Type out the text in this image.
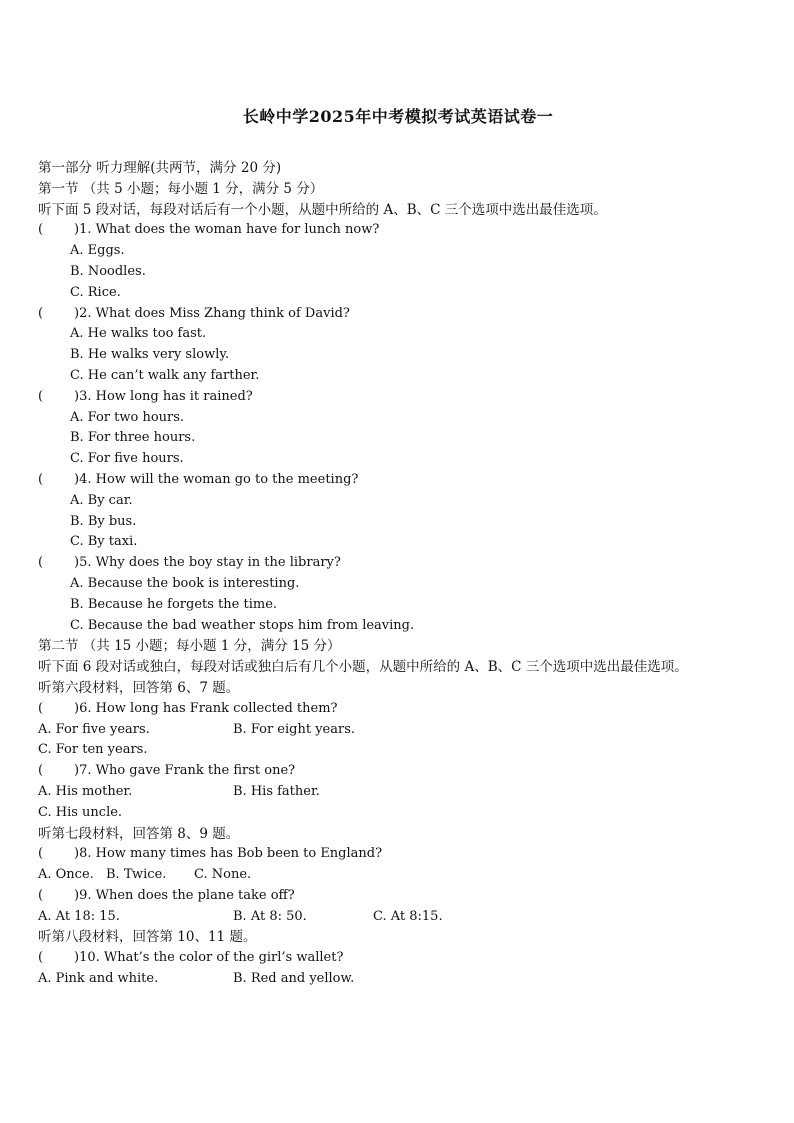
长岭中学2025年中考模拟考试英语试卷一
第一部分 听力理解(共两节，满分 20 分)
第一节 （共 5 小题；每小题 1 分，满分 5 分）
听下面 5 段对话，每段对话后有一个小题，从题中所给的 A、B、C 三个选项中选出最佳选项。
( )1. What does the woman have for lunch now?
A. Eggs.
B. Noodles.
C. Rice.
( )2. What does Miss Zhang think of David?
A. He walks too fast.
B. He walks very slowly.
C. He can’t walk any farther.
( )3. How long has it rained?
A. For two hours.
B. For three hours.
C. For five hours.
( )4. How will the woman go to the meeting?
A. By car.
B. By bus.
C. By taxi.
( )5. Why does the boy stay in the library?
A. Because the book is interesting.
B. Because he forgets the time.
C. Because the bad weather stops him from leaving.
第二节 （共 15 小题；每小题 1 分，满分 15 分）
听下面 6 段对话或独白，每段对话或独白后有几个小题，从题中所给的 A、B、C 三个选项中选出最佳选项。
听第六段材料，回答第 6、7 题。
( )6. How long has Frank collected them?
A. For five years.	B. For eight years.
C. For ten years.
( )7. Who gave Frank the first one?
A. His mother.	B. His father.
C. His uncle.
听第七段材料，回答第 8、9 题。
( )8. How many times has Bob been to England?
A. Once. B. Twice.	C. None.
( )9. When does the plane take off?
A. At 18: 15.	B. At 8: 50.	C. At 8:15.
听第八段材料，回答第 10、11 题。
( )10. What’s the color of the girl’s wallet?
A. Pink and white.	B. Red and yellow.
